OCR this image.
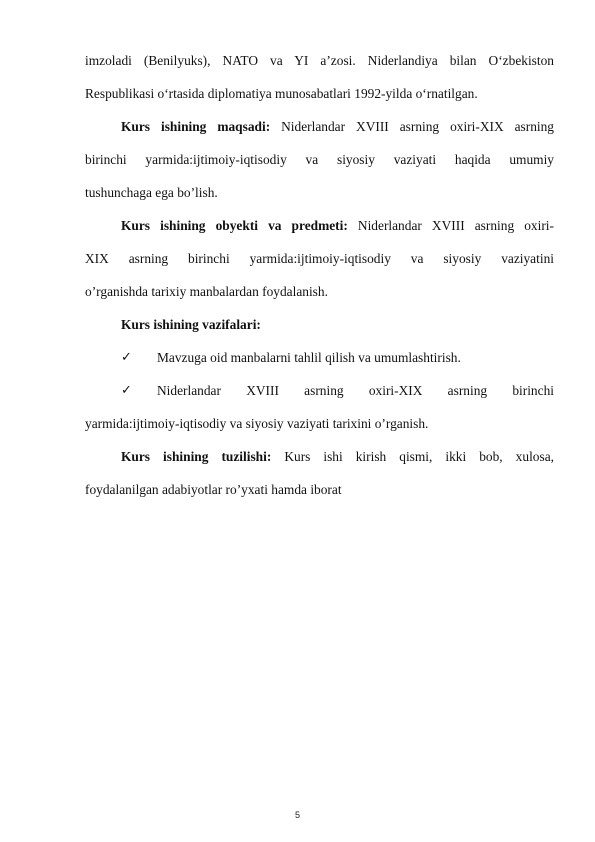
imzoladi (Benilyuks), NATO va YI a’zosi. Niderlandiya bilan O‘zbekiston
Respublikasi o‘rtasida diplomatiya munosabatlari 1992-yilda o‘rnatilgan.
Kurs ishining maqsadi: Niderlandar XVIII asrning oxiri-XIX asrning
birinchi yarmida:ijtimoiy-iqtisodiy va siyosiy vaziyati haqida umumiy
tushunchaga ega bo’lish.
Kurs ishining obyekti va predmeti: Niderlandar XVIII asrning oxiri-
XIX asrning birinchi yarmida:ijtimoiy-iqtisodiy va siyosiy vaziyatini
o’rganishda tarixiy manbalardan foydalanish.
Kurs ishining vazifalari:
✓ Mavzuga oid manbalarni tahlil qilish va umumlashtirish.
✓ Niderlandar XVIII asrning oxiri-XIX asrning birinchi
yarmida:ijtimoiy-iqtisodiy va siyosiy vaziyati tarixini o’rganish.
Kurs ishining tuzilishi: Kurs ishi kirish qismi, ikki bob, xulosa,
foydalanilgan adabiyotlar ro’yxati hamda iborat
5
